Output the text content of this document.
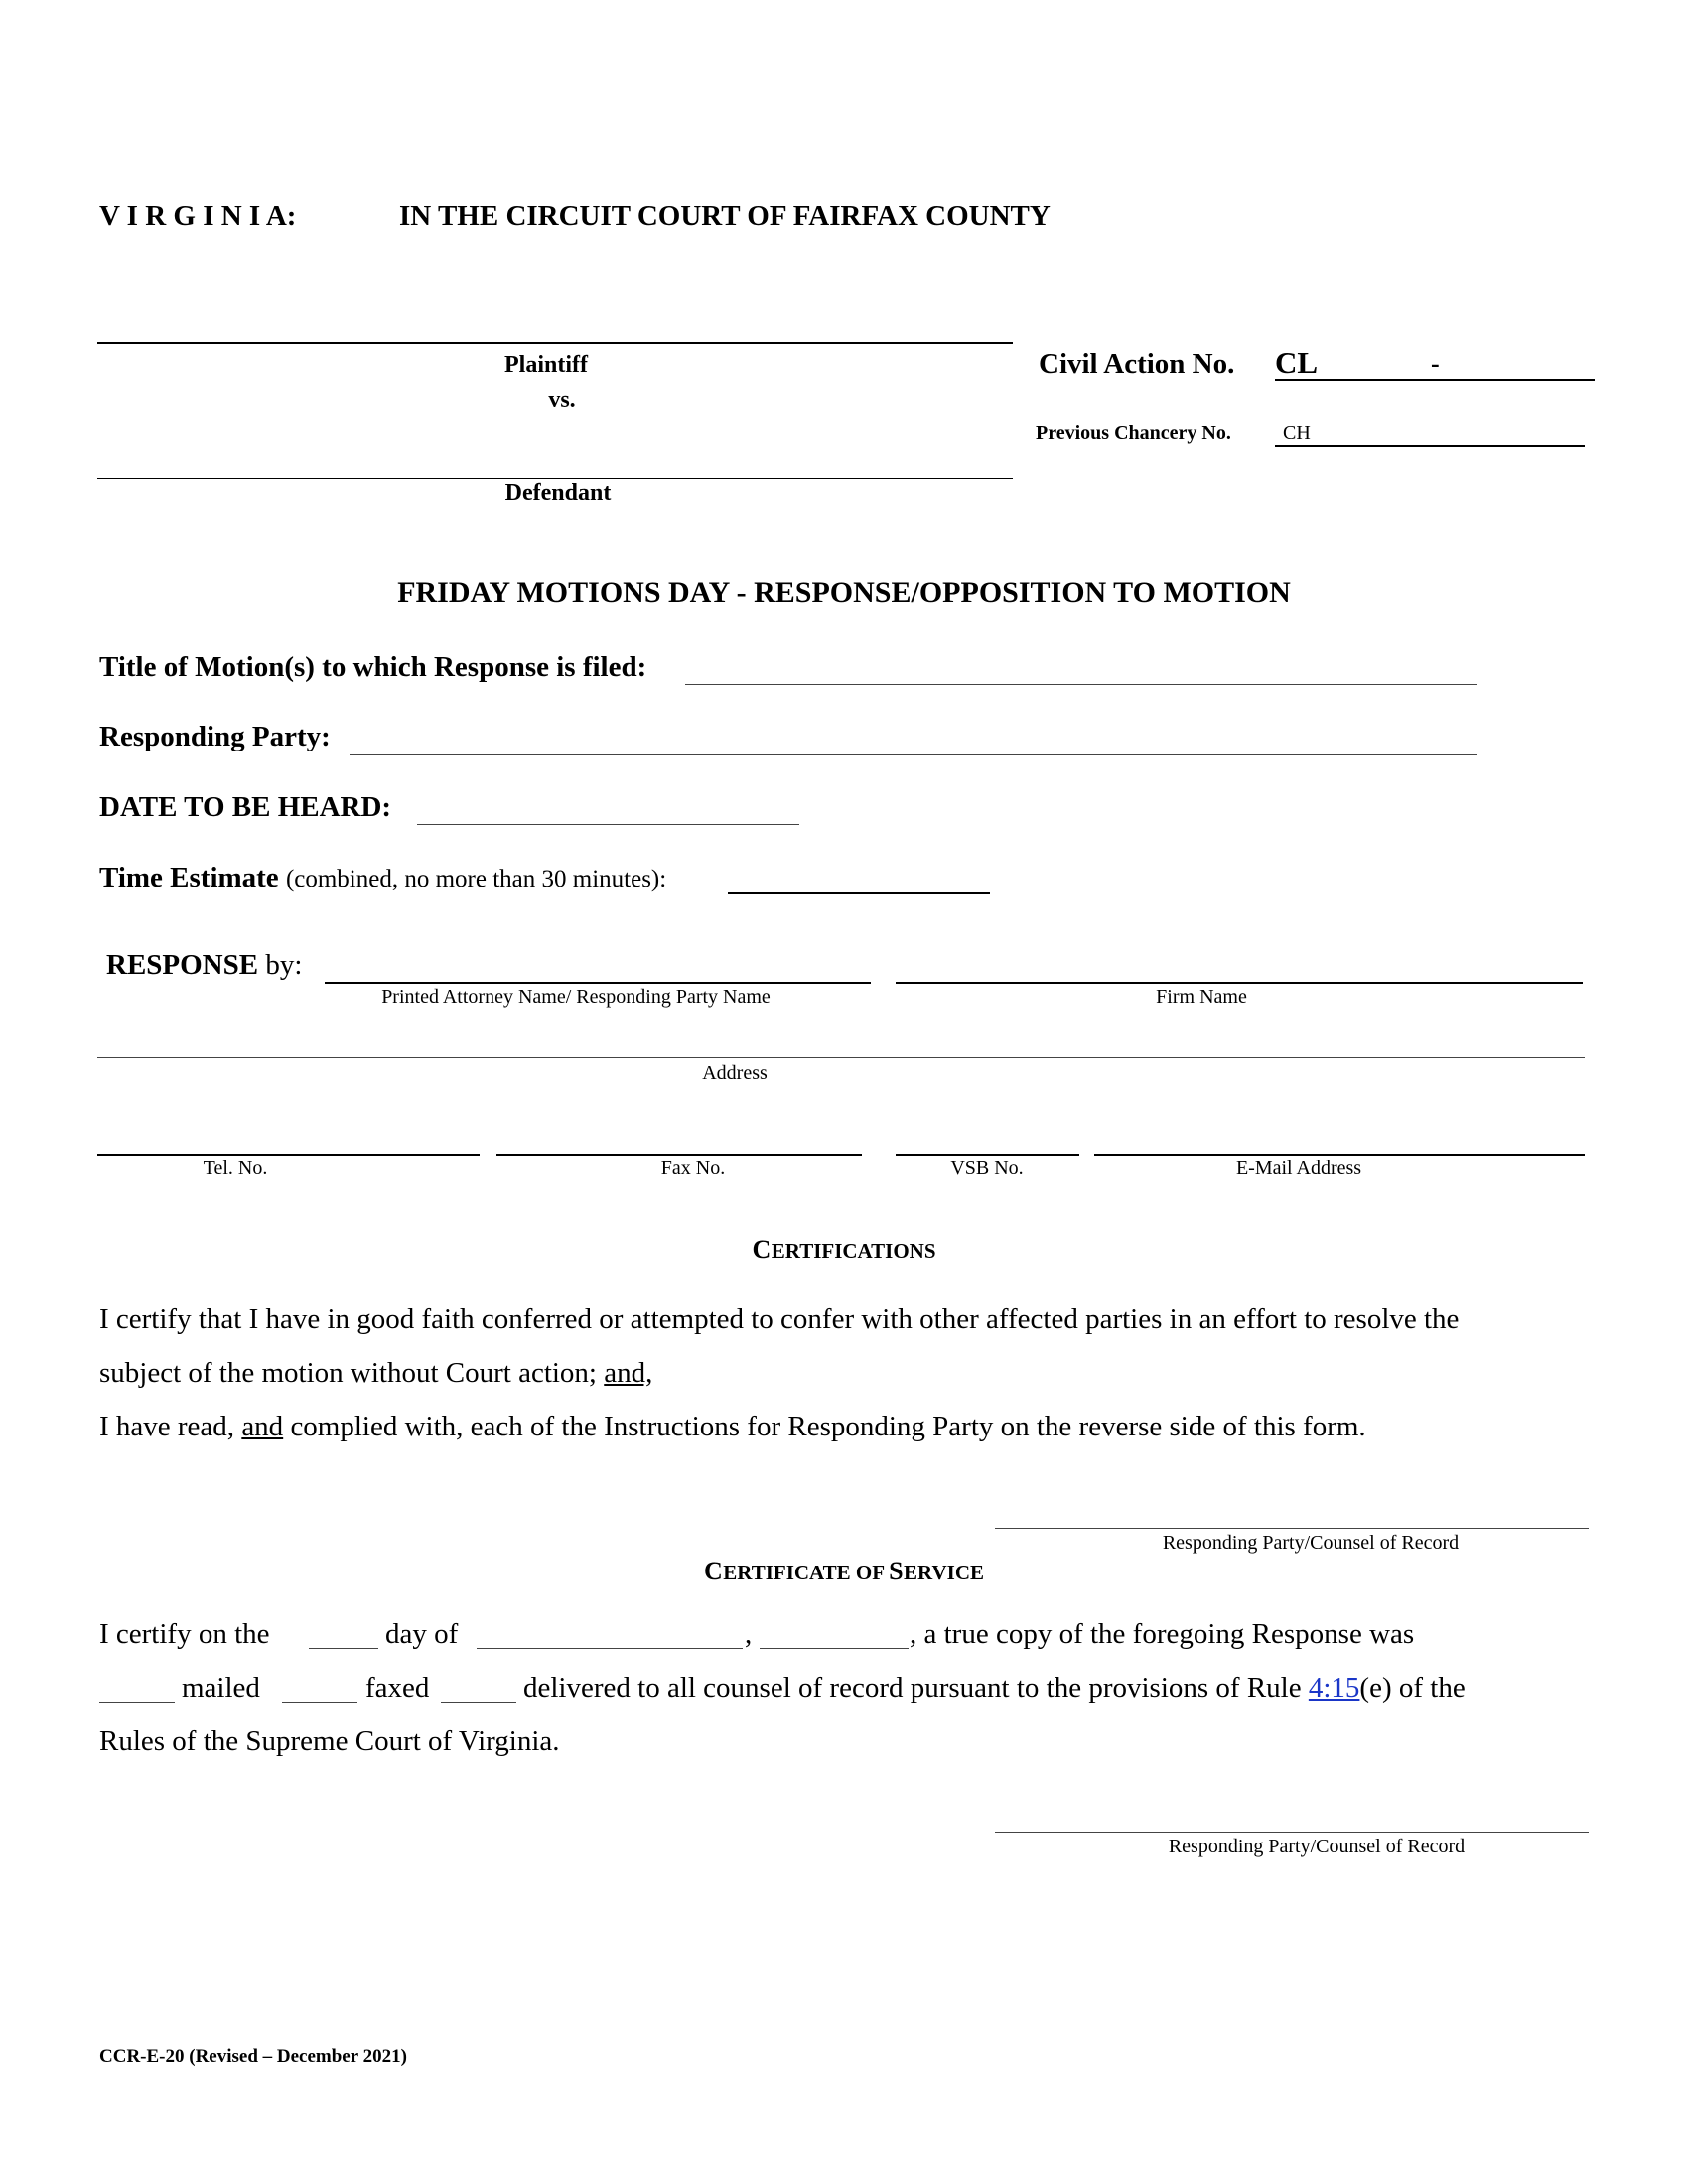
V I R G I N I A:	IN THE CIRCUIT COURT OF FAIRFAX COUNTY
Plaintiff
vs.
Defendant
Civil Action No. CL	-
Previous Chancery No.	CH
FRIDAY MOTIONS DAY - RESPONSE/OPPOSITION TO MOTION
Title of Motion(s) to which Response is filed:
Responding Party:
DATE TO BE HEARD:
Time Estimate (combined, no more than 30 minutes):
RESPONSE by:
Printed Attorney Name/ Responding Party Name	Firm Name
Address
Tel. No.	Fax No.	VSB No.	E-Mail Address
CERTIFICATIONS
I certify that I have in good faith conferred or attempted to confer with other affected parties in an effort to resolve the
subject of the motion without Court action; and,
I have read, and complied with, each of the Instructions for Responding Party on the reverse side of this form.
Responding Party/Counsel of Record
CERTIFICATE OF SERVICE
I certify on the	day of	,	, a true copy of the foregoing Response was
mailed	faxed	delivered to all counsel of record pursuant to the provisions of Rule 4:15(e) of the
Rules of the Supreme Court of Virginia.
Responding Party/Counsel of Record
CCR-E-20 (Revised – December 2021)
